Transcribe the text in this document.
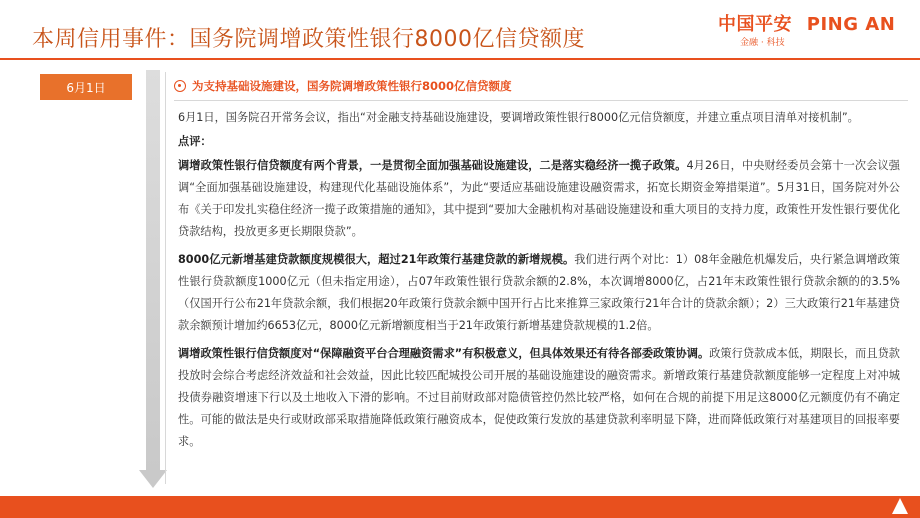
本周信用事件：国务院调增政策性银行8000亿信贷额度
中国平安 PING AN
金融 · 科技
6月1日	为支持基础设施建设，国务院调增政策性银行8000亿信贷额度

6月1日，国务院召开常务会议，指出“对金融支持基础设施建设，要调增政策性银行8000亿元信贷额度，并建立重点项目清单对接机制”。

点评：

调增政策性银行信贷额度有两个背景，一是贯彻全面加强基础设施建设，二是落实稳经济一揽子政策。4月26日，中央财经委员会第十一次会议强调“全面加强基础设施建设，构建现代化基础设施体系”，为此“要适应基础设施建设融资需求，拓宽长期资金筹措渠道”。5月31日，国务院对外公布《关于印发扎实稳住经济一揽子政策措施的通知》，其中提到“要加大金融机构对基础设施建设和重大项目的支持力度，政策性开发性银行要优化贷款结构，投放更多更长期限贷款”。

8000亿元新增基建贷款额度规模很大，超过21年政策行基建贷款的新增规模。我们进行两个对比：1）08年金融危机爆发后，央行紧急调增政策性银行贷款额度1000亿元（但未指定用途），占07年政策性银行贷款余额的2.8%，本次调增8000亿，占21年末政策性银行贷款余额的的3.5%（仅国开行公布21年贷款余额，我们根据20年政策行贷款余额中国开行占比来推算三家政策行21年合计的贷款余额）；2）三大政策行21年基建贷款余额预计增加约6653亿元，8000亿元新增额度相当于21年政策行新增基建贷款规模的1.2倍。

调增政策性银行信贷额度对“保障融资平台合理融资需求”有积极意义，但具体效果还有待各部委政策协调。政策行贷款成本低，期限长，而且贷款投放时会综合考虑经济效益和社会效益，因此比较匹配城投公司开展的基础设施建设的融资需求。新增政策行基建贷款额度能够一定程度上对冲城投债券融资增速下行以及土地收入下滑的影响。不过目前财政部对隐债管控仍然比较严格，如何在合规的前提下用足这8000亿元额度仍有不确定性。可能的做法是央行或财政部采取措施降低政策行融资成本，促使政策行发放的基建贷款利率明显下降，进而降低政策行对基建项目的回报率要求。
